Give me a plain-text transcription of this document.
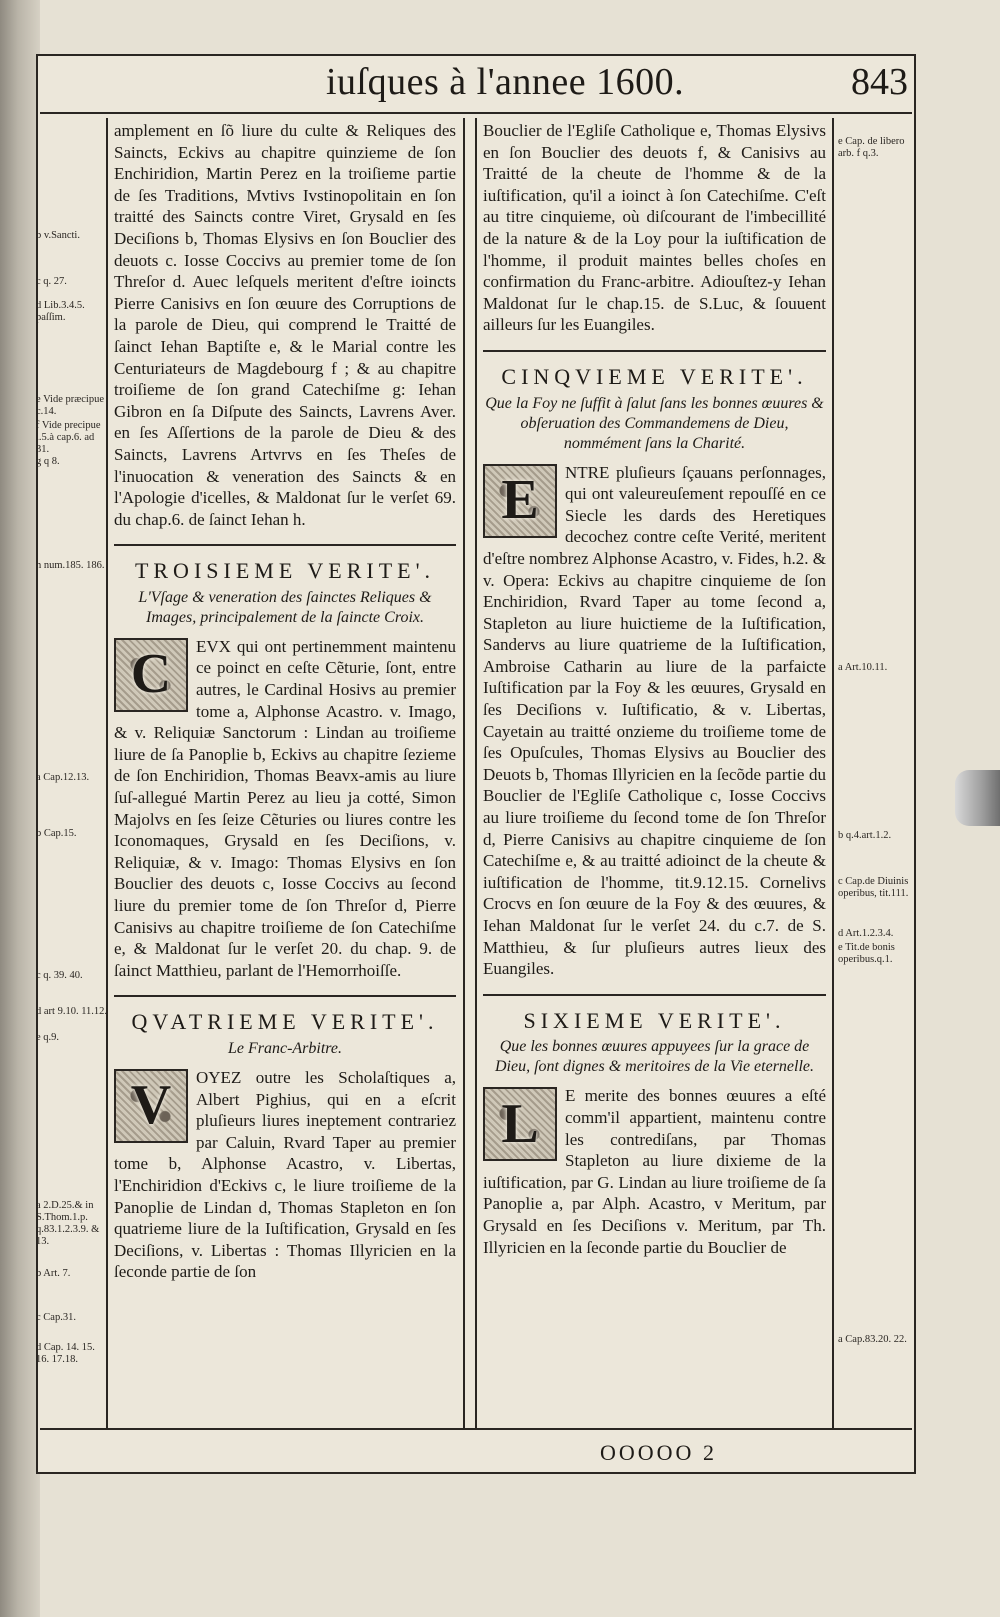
iuſques à l'annee 1600.	843

amplement en ſõ liure du culte & Reliques des Saincts, Eckivs au chapitre quinzieme de ſon Enchiridion, Martin Perez en la troiſieme partie de ſes Traditions, Mvtivs Ivstinopolitain en ſon traitté des Saincts contre Viret, Grysald en ſes Deciſions b, Thomas Elysivs en ſon Bouclier des deuots c. Iosse Coccivs au premier tome de ſon Threſor d. Auec leſquels meritent d'eſtre ioincts Pierre Canisivs en ſon œuure des Corruptions de la parole de Dieu, qui comprend le Traitté de ſainct Iehan Baptiſte e, & le Marial contre les Centuriateurs de Magdebourg f ; & au chapitre troiſieme de ſon grand Catechiſme g: Iehan Gibron en ſa Diſpute des Saincts, Lavrens Aver. en ſes Aſſertions de la parole de Dieu & des Saincts, Lavrens Artvrvs en ſes Theſes de l'inuocation & veneration des Saincts & en l'Apologie d'icelles, & Maldonat ſur le verſet 69. du chap.6. de ſainct Iehan h.

TROISIEME VERITE'.
L'Vſage & veneration des ſainctes Reliques & Images, principalement de la ſaincte Croix.
C	EVX qui ont pertinemment maintenu ce poinct en ceſte Cẽturie, ſont, entre autres, le Cardinal Hosivs au premier tome a, Alphonse Acastro. v. Imago, & v. Reliquiæ Sanctorum : Lindan au troiſieme liure de ſa Panoplie b, Eckivs au chapitre ſezieme de ſon Enchiridion, Thomas Beavx-amis au liure ſuſ-allegué Martin Perez au lieu ja cotté, Simon Majolvs en ſes ſeize Cẽturies ou liures contre les Iconomaques, Grysald en ſes Deciſions, v. Reliquiæ, & v. Imago: Thomas Elysivs en ſon Bouclier des deuots c, Iosse Coccivs au ſecond liure du premier tome de ſon Threſor d, Pierre Canisivs au chapitre troiſieme de ſon Catechiſme e, & Maldonat ſur le verſet 20. du chap. 9. de ſainct Matthieu, parlant de l'Hemorrhoiſſe.

QVATRIEME VERITE'.
Le Franc-Arbitre.
V	OYEZ outre les Scholaſtiques a, Albert Pighius, qui en a eſcrit pluſieurs liures ineptement contrariez par Caluin, Rvard Taper au premier tome b, Alphonse Acastro, v. Libertas, l'Enchiridion d'Eckivs c, le liure troiſieme de la Panoplie de Lindan d, Thomas Stapleton en ſon quatrieme liure de la Iuſtification, Grysald en ſes Deciſions, v. Libertas : Thomas Illyricien en la ſeconde partie de ſon

Bouclier de l'Egliſe Catholique e, Thomas Elysivs en ſon Bouclier des deuots f, & Canisivs au Traitté de la cheute de l'homme & de la iuſtification, qu'il a ioinct à ſon Catechiſme. C'eſt au titre cinquieme, où diſcourant de l'imbecillité de la nature & de la Loy pour la iuſtification de l'homme, il produit maintes belles choſes en confirmation du Franc-arbitre. Adiouſtez-y Iehan Maldonat ſur le chap.15. de S.Luc, & ſouuent ailleurs ſur les Euangiles.

CINQVIEME VERITE'.
Que la Foy ne ſuffit à ſalut ſans les bonnes œuures & obſeruation des Commandemens de Dieu, nommément ſans la Charité.
E	NTRE pluſieurs ſçauans perſonnages, qui ont valeureuſement repouſſé en ce Siecle les dards des Heretiques decochez contre ceſte Verité, meritent d'eſtre nombrez Alphonse Acastro, v. Fides, h.2. & v. Opera: Eckivs au chapitre cinquieme de ſon Enchiridion, Rvard Taper au tome ſecond a, Stapleton au liure huictieme de la Iuſtification, Sandervs au liure quatrieme de la Iuſtification, Ambroise Catharin au liure de la parfaicte Iuſtification par la Foy & les œuures, Grysald en ſes Deciſions v. Iuſtificatio, & v. Libertas, Cayetain au traitté onzieme du troiſieme tome de ſes Opuſcules, Thomas Elysivs au Bouclier des Deuots b, Thomas Illyricien en la ſecõde partie du Bouclier de l'Egliſe Catholique c, Iosse Coccivs au liure troiſieme du ſecond tome de ſon Threſor d, Pierre Canisivs au chapitre cinquieme de ſon Catechiſme e, & au traitté adioinct de la cheute & iuſtification de l'homme, tit.9.12.15. Cornelivs Crocvs en ſon œuure de la Foy & des œuures, & Iehan Maldonat ſur le verſet 24. du c.7. de S. Matthieu, & ſur pluſieurs autres lieux des Euangiles.

SIXIEME VERITE'.
Que les bonnes œuures appuyees ſur la grace de Dieu, ſont dignes & meritoires de la Vie eternelle.
L	E merite des bonnes œuures a eſté comm'il appartient, maintenu contre les contrediſans, par Thomas Stapleton au liure dixieme de la iuſtification, par G. Lindan au liure troiſieme de ſa Panoplie a, par Alph. Acastro, v Meritum, par Grysald en ſes Deciſions v. Meritum, par Th. Illyricien en la ſeconde partie du Bouclier de

b v.Sancti.
c q. 27.
d Lib.3.4.5. paſſim.
e Vide præcipue c.14.
f Vide precipue l.5.à cap.6. ad 31.
g q 8.
h num.185. 186.
a Cap.12.13.
b Cap.15.
c q. 39. 40.
d art 9.10. 11.12.
e q.9.
a 2.D.25.& in S.Thom.1.p. q.83.1.2.3.9. & 13.
b Art. 7.
c Cap.31.
d Cap. 14. 15. 16. 17.18.
e Cap. de libero arb. f q.3.
a Art.10.11.
b q.4.art.1.2.
c Cap.de Diuinis operibus, tit.111.
d Art.1.2.3.4.
e Tit.de bonis operibus.q.1.
a Cap.83.20. 22.
OOOOO 2
